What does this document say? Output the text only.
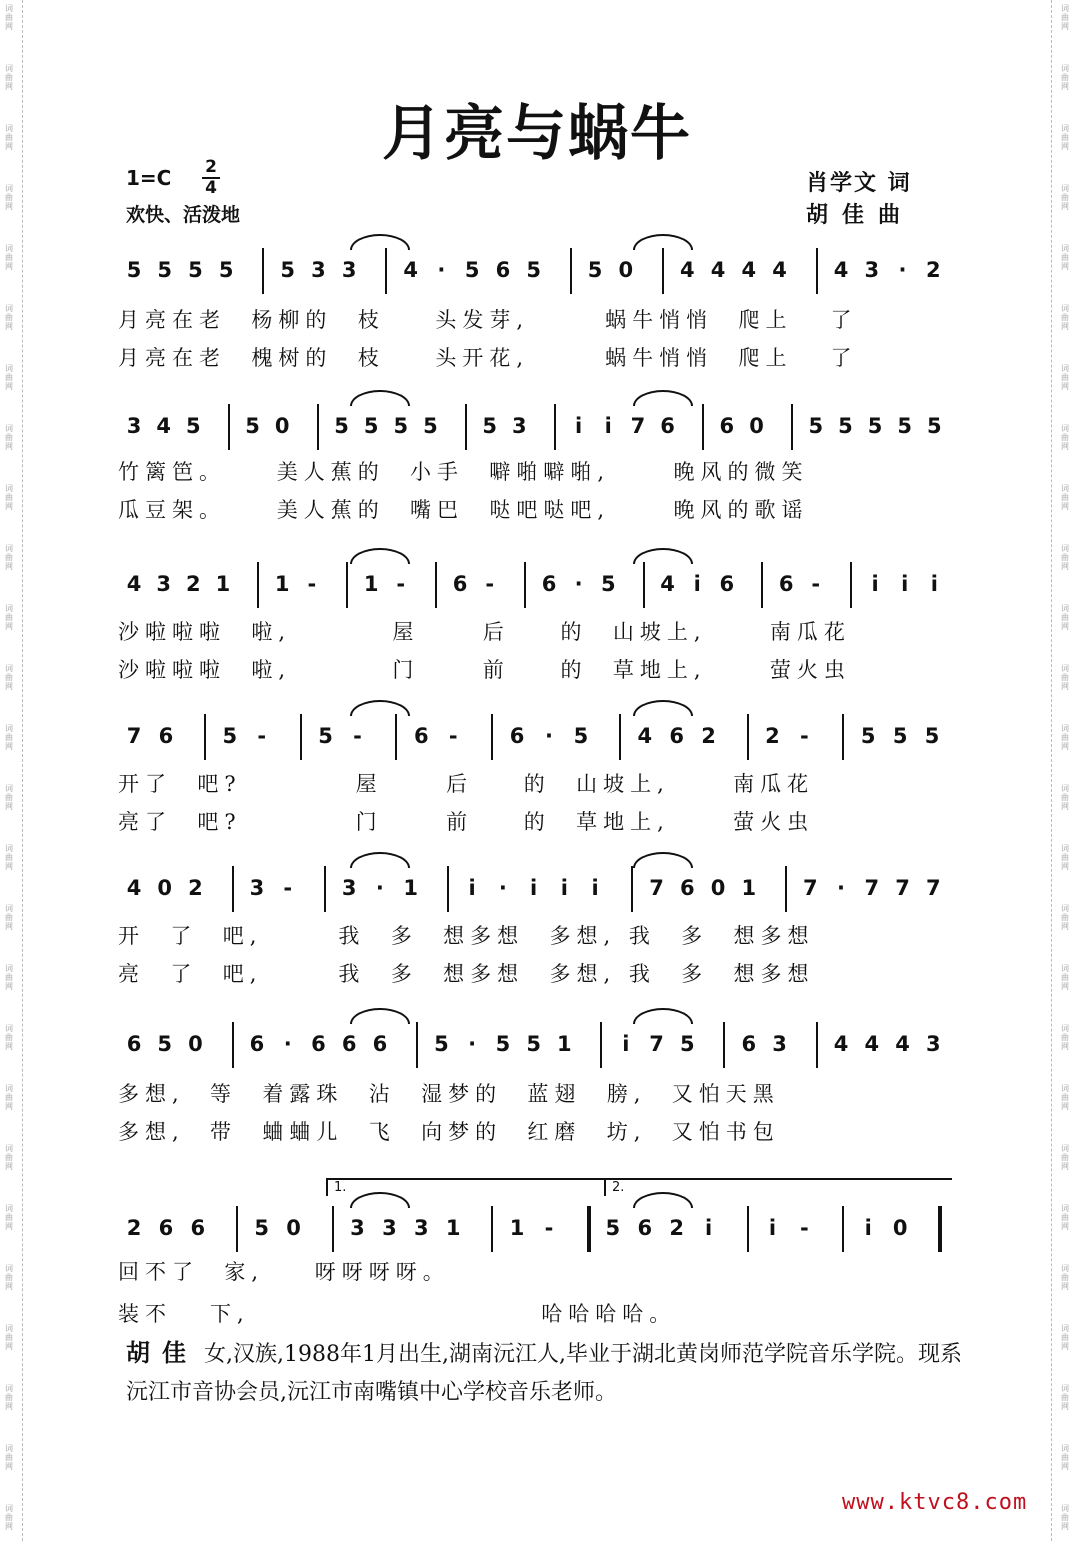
词
曲
网
词
曲
网
词
曲
网
词
曲
网
词
曲
网
词
曲
网
词
曲
网
词
曲
网
词
曲
网
词
曲
网
词
曲
网
词
曲
网
词
曲
网
词
曲
网
词
曲
网
词
曲
网
词
曲
网
词
曲
网
词
曲
网
词
曲
网
词
曲
网
词
曲
网
词
曲
网
词
曲
网
词
曲
网
词
曲
网
词
曲
网
词
曲
网
词
曲
网
词
曲
网
词
曲
网
词
曲
网
词
曲
网
词
曲
网
词
曲
网
词
曲
网
词
曲
网
词
曲
网
词
曲
网
词
曲
网
词
曲
网
词
曲
网
词
曲
网
词
曲
网
词
曲
网
词
曲
网
词
曲
网
词
曲
网
词
曲
网
词
曲
网
词
曲
网
词
曲
网
月亮与蜗牛
1=C 2
4
欢快、活泼地
肖学文 词
胡佳曲
5 5 5 5 5 3 3 4 · 5 6 5 5 0 4 4 4 4 4 3 · 2
月亮在老  杨柳的  枝    头发芽,      蜗牛悄悄  爬上   了
月亮在老  槐树的  枝    头开花,      蜗牛悄悄  爬上   了
3 4 5 5 0 5 5 5 5 5 3	i	i 7 6 6 0 5 5 5 5 5
竹篱笆。    美人蕉的  小手  噼啪噼啪,     晚风的微笑
瓜豆架。    美人蕉的  嘴巴  哒吧哒吧,     晚风的歌谣
4 3 2 1 1 - 1 - 6 - 6 · 5 4 i 6 6 -	i	i	i
沙啦啦啦  啦,        屋     后    的  山坡上,     南瓜花
沙啦啦啦  啦,        门     前    的  草地上,     萤火虫
7 6 5 - 5 - 6 - 6 · 5 4 6 2 2 - 5 5 5
开了  吧?         屋     后    的  山坡上,     南瓜花
亮了  吧?         门     前    的  草地上,     萤火虫
4 0 2 3 - 3 · 1	i	·	i	i	i	7 6 0 1 7 · 7 7 7
开  了  吧,      我  多  想多想  多想, 我  多  想多想
亮  了  吧,      我  多  想多想  多想, 我  多  想多想
6 5 0 6 · 6 6 6 5 · 5 5 1	i 7 5 6 3 4 4 4 3
多想,  等  着露珠  沾  湿梦的  蓝翅  膀,  又怕天黑
多想,  带  蛐蛐儿  飞  向梦的  红磨  坊,  又怕书包
2 6 6 5 0 3 3 3 1 1 - 5 6 2	i	i	-	i	0
1.	2.
回不了  家,    呀呀呀呀。
装不   下,                       哈哈哈哈。
胡佳 女,汉族,1988年1月出生,湖南沅江人,毕业于湖北黄岗师范学院音乐学院。现系沅江市音协会员,沅江市南嘴镇中心学校音乐老师。
www.ktvc8.com
